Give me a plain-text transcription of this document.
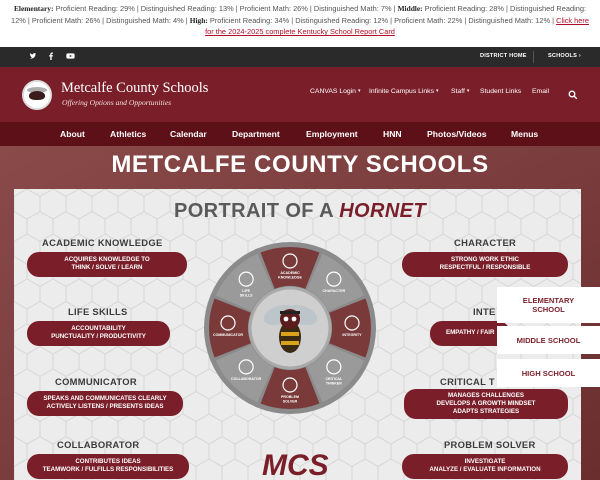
Elementary: Proficient Reading: 29% | Distinguished Reading: 13% | Proficient Math: 26% | Distinguished Math: 7% | Middle: Proficient Reading: 28% | Distinguished Reading: 12% | Proficient Math: 26% | Distinguished Math: 4% | High: Proficient Reading: 34% | Distinguished Reading: 12% | Proficient Math: 22% | Distinguished Math: 12% | Click here for the 2024-2025 complete Kentucky School Report Card
DISTRICT HOME	SCHOOLS ›
Metcalfe County Schools
Offering Options and Opportunities
CANVAS Login ▾ Infinite Campus Links ▾ Staff ▾ Student Links Email
About	Athletics	Calendar	Department	Employment	HNN	Photos/Videos	Menus
METCALFE COUNTY SCHOOLS
PORTRAIT OF A HORNET
ACADEMIC KNOWLEDGE
ACQUIRES KNOWLEDGE TO
THINK / SOLVE / LEARN
LIFE SKILLS
ACCOUNTABILITY
PUNCTUALITY / PRODUCTIVITY
COMMUNICATOR
SPEAKS AND COMMUNICATES CLEARLY
ACTIVELY LISTENS / PRESENTS IDEAS
COLLABORATOR
CONTRIBUTES IDEAS
TEAMWORK / FULFILLS RESPONSIBILITIES
CHARACTER
STRONG WORK ETHIC
RESPECTFUL / RESPONSIBLE
INTE
EMPATHY / FAIR
CRITICAL T
MANAGES CHALLENGES
DEVELOPS A GROWTH MINDSET
ADAPTS STRATEGIES
PROBLEM SOLVER
INVESTIGATE
ANALYZE / EVALUATE INFORMATION
ACADEMIC
KNOWLEDGE
CHARACTER
INTEGRITY
CRITICAL
THINKER
PROBLEM
SOLVER
COLLABORATOR
COMMUNICATOR
LIFE
SKILLS
MCS
ELEMENTARY SCHOOL
MIDDLE SCHOOL
HIGH SCHOOL
